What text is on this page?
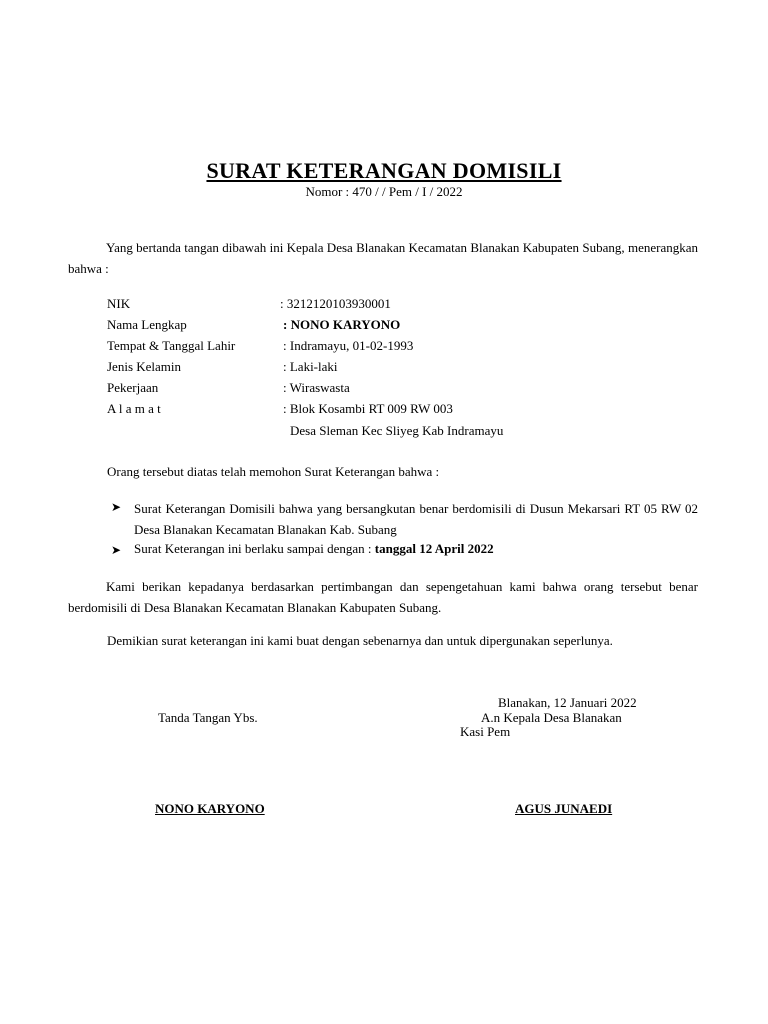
SURAT KETERANGAN DOMISILI
Nomor : 470 / / Pem / I / 2022
Yang bertanda tangan dibawah ini Kepala Desa Blanakan Kecamatan Blanakan Kabupaten Subang, menerangkan bahwa :
NIK	: 3212120103930001
Nama Lengkap	: NONO KARYONO
Tempat & Tanggal Lahir	: Indramayu, 01-02-1993
Jenis Kelamin	: Laki-laki
Pekerjaan	: Wiraswasta
A l a m a t	: Blok Kosambi RT 009 RW 003
Desa Sleman Kec Sliyeg Kab Indramayu
Orang tersebut diatas telah memohon Surat Keterangan bahwa :
➤ Surat Keterangan Domisili bahwa yang bersangkutan benar berdomisili di Dusun Mekarsari RT 05 RW 02 Desa Blanakan Kecamatan Blanakan Kab. Subang
➤ Surat Keterangan ini berlaku sampai dengan : tanggal 12 April 2022
Kami berikan kepadanya berdasarkan pertimbangan dan sepengetahuan kami bahwa orang tersebut benar berdomisili di Desa Blanakan Kecamatan Blanakan Kabupaten Subang.
Demikian surat keterangan ini kami buat dengan sebenarnya dan untuk dipergunakan seperlunya.
Blanakan, 12 Januari 2022
Tanda Tangan Ybs.	A.n Kepala Desa Blanakan
Kasi Pem
NONO KARYONO	AGUS JUNAEDI
